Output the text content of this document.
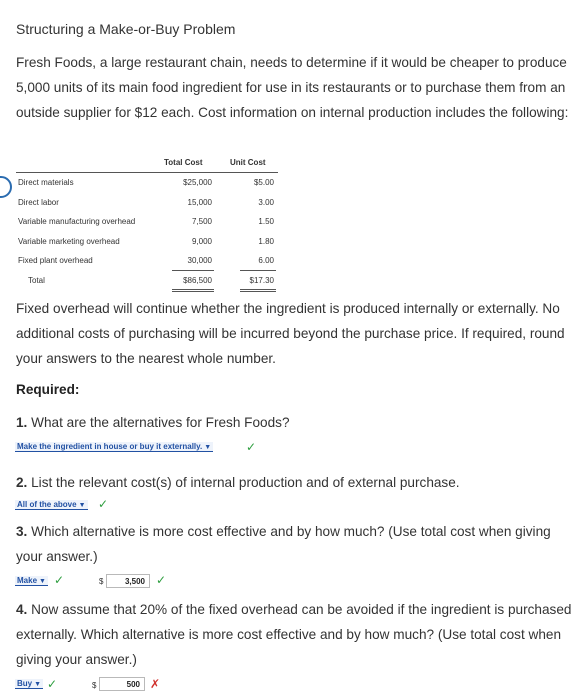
Structuring a Make-or-Buy Problem
Fresh Foods, a large restaurant chain, needs to determine if it would be cheaper to produce 5,000 units of its main food ingredient for use in its restaurants or to purchase them from an outside supplier for $12 each. Cost information on internal production includes the following:
Total Cost	Unit Cost
Direct materials	$25,000	$5.00
Direct labor	15,000	3.00
Variable manufacturing overhead	7,500	1.50
Variable marketing overhead	9,000	1.80
Fixed plant overhead	30,000	6.00
Total	$86,500	$17.30
Fixed overhead will continue whether the ingredient is produced internally or externally. No additional costs of purchasing will be incurred beyond the purchase price. If required, round your answers to the nearest whole number.
Required:
1. What are the alternatives for Fresh Foods?
Make the ingredient in house or buy it externally. ▼	✓
2. List the relevant cost(s) of internal production and of external purchase.
All of the above ▼ ✓
3. Which alternative is more cost effective and by how much? (Use total cost when giving your answer.)
Make ▼ ✓	$	3,500 ✓
4. Now assume that 20% of the fixed overhead can be avoided if the ingredient is purchased externally. Which alternative is more cost effective and by how much? (Use total cost when giving your answer.)
Buy ▼ ✓	$	500 ✗
